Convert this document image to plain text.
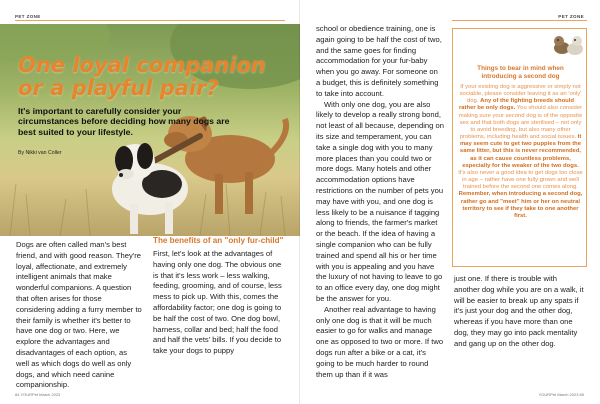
PET ZONE
One loyal companion or a playful pair?
It's important to carefully consider your circumstances before deciding how many dogs are best suited to your lifestyle.
By Nikki van Coller

Dogs are often called man's best friend, and with good reason. They're loyal, affectionate, and extremely intelligent animals that make wonderful companions. A question that often arises for those considering adding a furry member to their family is whether it's better to have one dog or two. Here, we explore the advantages and disadvantages of each option, as well as which dogs do well as only dogs, and which need canine companionship.

The benefits of an "only fur-child"

First, let's look at the advantages of having only one dog. The obvious one is that it's less work – less walking, feeding, grooming, and of course, less mess to pick up. With this, comes the affordability factor; one dog is going to be half the cost of two. One dog bowl, harness, collar and bed; half the food and half the vets' bills. If you decide to take your dogs to puppy

84 YOURPet March 2023
PET ZONE

school or obedience training, one is again going to be half the cost of two, and the same goes for finding accommodation for your fur-baby when you go away. For someone on a budget, this is definitely something to take into account.

With only one dog, you are also likely to develop a really strong bond, not least of all because, depending on its size and temperament, you can take a single dog with you to many more places than you could two or more dogs. Many hotels and other accommodation options have restrictions on the number of pets you may have with you, and one dog is less likely to be a nuisance if tagging along to friends, the farmer's market or the beach. If the idea of having a single companion who can be fully trained and spend all his or her time with you is appealing and you have the luxury of not having to leave to go to an office every day, one dog might be the answer for you.

Another real advantage to having only one dog is that it will be much easier to go for walks and manage one as opposed to two or more. If two dogs run after a bike or a cat, it's going to be much harder to round them up than if it was

Things to bear in mind when introducing a second dog

If your existing dog is aggressive or simply not sociable, please consider leaving it as an 'only' dog. Any of the fighting breeds should rather be only dogs. You should also consider making sure your second dog is of the opposite sex and that both dogs are sterilised – not only to avoid breeding, but also many other problems, including health and social issues. It may seem cute to get two puppies from the same litter, but this is never recommended, as it can cause countless problems, especially for the weaker of the two dogs. It's also never a good idea to get dogs too close in age – rather have one fully grown and well trained before the second one comes along. Remember, when introducing a second dog, rather go and "meet" him or her on neutral territory to see if they take to one another first.

just one. If there is trouble with another dog while you are on a walk, it will be easier to break up any spats if it's just your dog and the other dog, whereas if you have more than one dog, they may go into pack mentality and gang up on the other dog.

YOURPet March 2023 85
